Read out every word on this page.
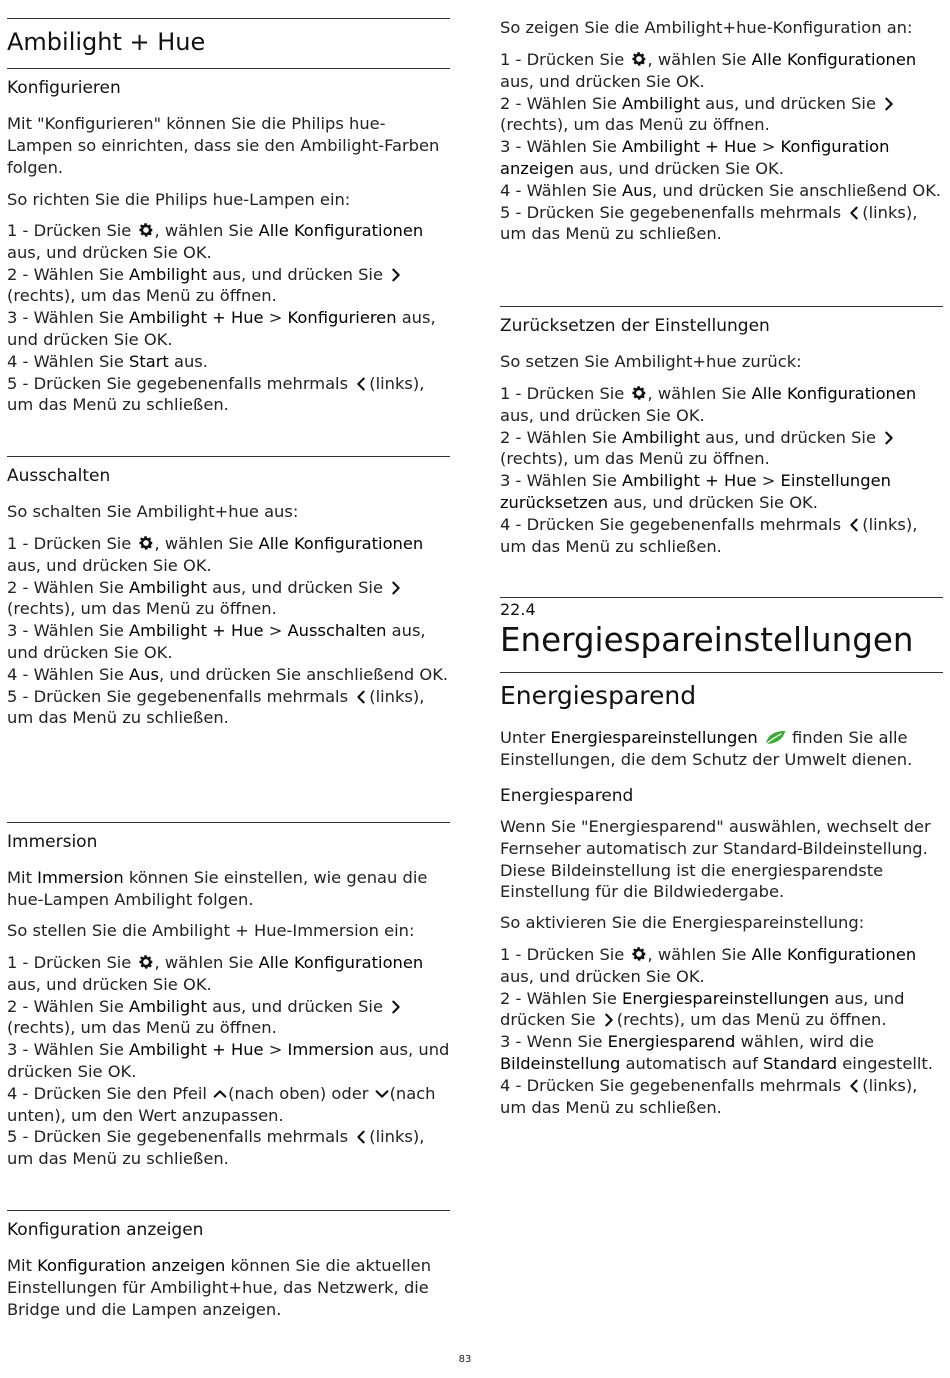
Ambilight + Hue
Konfigurieren

Mit "Konfigurieren" können Sie die Philips hue-Lampen so einrichten, dass sie den Ambilight-Farben folgen.

So richten Sie die Philips hue-Lampen ein:

1 - Drücken Sie , wählen Sie Alle Konfigurationen aus, und drücken Sie OK.
2 - Wählen Sie Ambilight aus, und drücken Sie (rechts), um das Menü zu öffnen.
3 - Wählen Sie Ambilight + Hue > Konfigurieren aus, und drücken Sie OK.
4 - Wählen Sie Start aus.
5 - Drücken Sie gegebenenfalls mehrmals (links), um das Menü zu schließen.
Ausschalten

So schalten Sie Ambilight+hue aus:

1 - Drücken Sie , wählen Sie Alle Konfigurationen aus, und drücken Sie OK.
2 - Wählen Sie Ambilight aus, und drücken Sie (rechts), um das Menü zu öffnen.
3 - Wählen Sie Ambilight + Hue > Ausschalten aus, und drücken Sie OK.
4 - Wählen Sie Aus, und drücken Sie anschließend OK.
5 - Drücken Sie gegebenenfalls mehrmals (links), um das Menü zu schließen.
Immersion

Mit Immersion können Sie einstellen, wie genau die hue-Lampen Ambilight folgen.

So stellen Sie die Ambilight + Hue-Immersion ein:

1 - Drücken Sie , wählen Sie Alle Konfigurationen aus, und drücken Sie OK.
2 - Wählen Sie Ambilight aus, und drücken Sie (rechts), um das Menü zu öffnen.
3 - Wählen Sie Ambilight + Hue > Immersion aus, und drücken Sie OK.
4 - Drücken Sie den Pfeil (nach oben) oder (nach unten), um den Wert anzupassen.
5 - Drücken Sie gegebenenfalls mehrmals (links), um das Menü zu schließen.
Konfiguration anzeigen

Mit Konfiguration anzeigen können Sie die aktuellen Einstellungen für Ambilight+hue, das Netzwerk, die Bridge und die Lampen anzeigen.

So zeigen Sie die Ambilight+hue-Konfiguration an:

1 - Drücken Sie , wählen Sie Alle Konfigurationen aus, und drücken Sie OK.
2 - Wählen Sie Ambilight aus, und drücken Sie (rechts), um das Menü zu öffnen.
3 - Wählen Sie Ambilight + Hue > Konfiguration anzeigen aus, und drücken Sie OK.
4 - Wählen Sie Aus, und drücken Sie anschließend OK.
5 - Drücken Sie gegebenenfalls mehrmals (links), um das Menü zu schließen.
Zurücksetzen der Einstellungen

So setzen Sie Ambilight+hue zurück:

1 - Drücken Sie , wählen Sie Alle Konfigurationen aus, und drücken Sie OK.
2 - Wählen Sie Ambilight aus, und drücken Sie (rechts), um das Menü zu öffnen.
3 - Wählen Sie Ambilight + Hue > Einstellungen zurücksetzen aus, und drücken Sie OK.
4 - Drücken Sie gegebenenfalls mehrmals (links), um das Menü zu schließen.
22.4
Energiespareinstellungen
Energiesparend

Unter Energiespareinstellungen  finden Sie alle Einstellungen, die dem Schutz der Umwelt dienen.

Energiesparend

Wenn Sie "Energiesparend" auswählen, wechselt der Fernseher automatisch zur Standard-Bildeinstellung. Diese Bildeinstellung ist die energiesparendste Einstellung für die Bildwiedergabe.

So aktivieren Sie die Energiespareinstellung:

1 - Drücken Sie , wählen Sie Alle Konfigurationen aus, und drücken Sie OK.
2 - Wählen Sie Energiespareinstellungen aus, und drücken Sie (rechts), um das Menü zu öffnen.
3 - Wenn Sie Energiesparend wählen, wird die Bildeinstellung automatisch auf Standard eingestellt.
4 - Drücken Sie gegebenenfalls mehrmals (links), um das Menü zu schließen.
83
